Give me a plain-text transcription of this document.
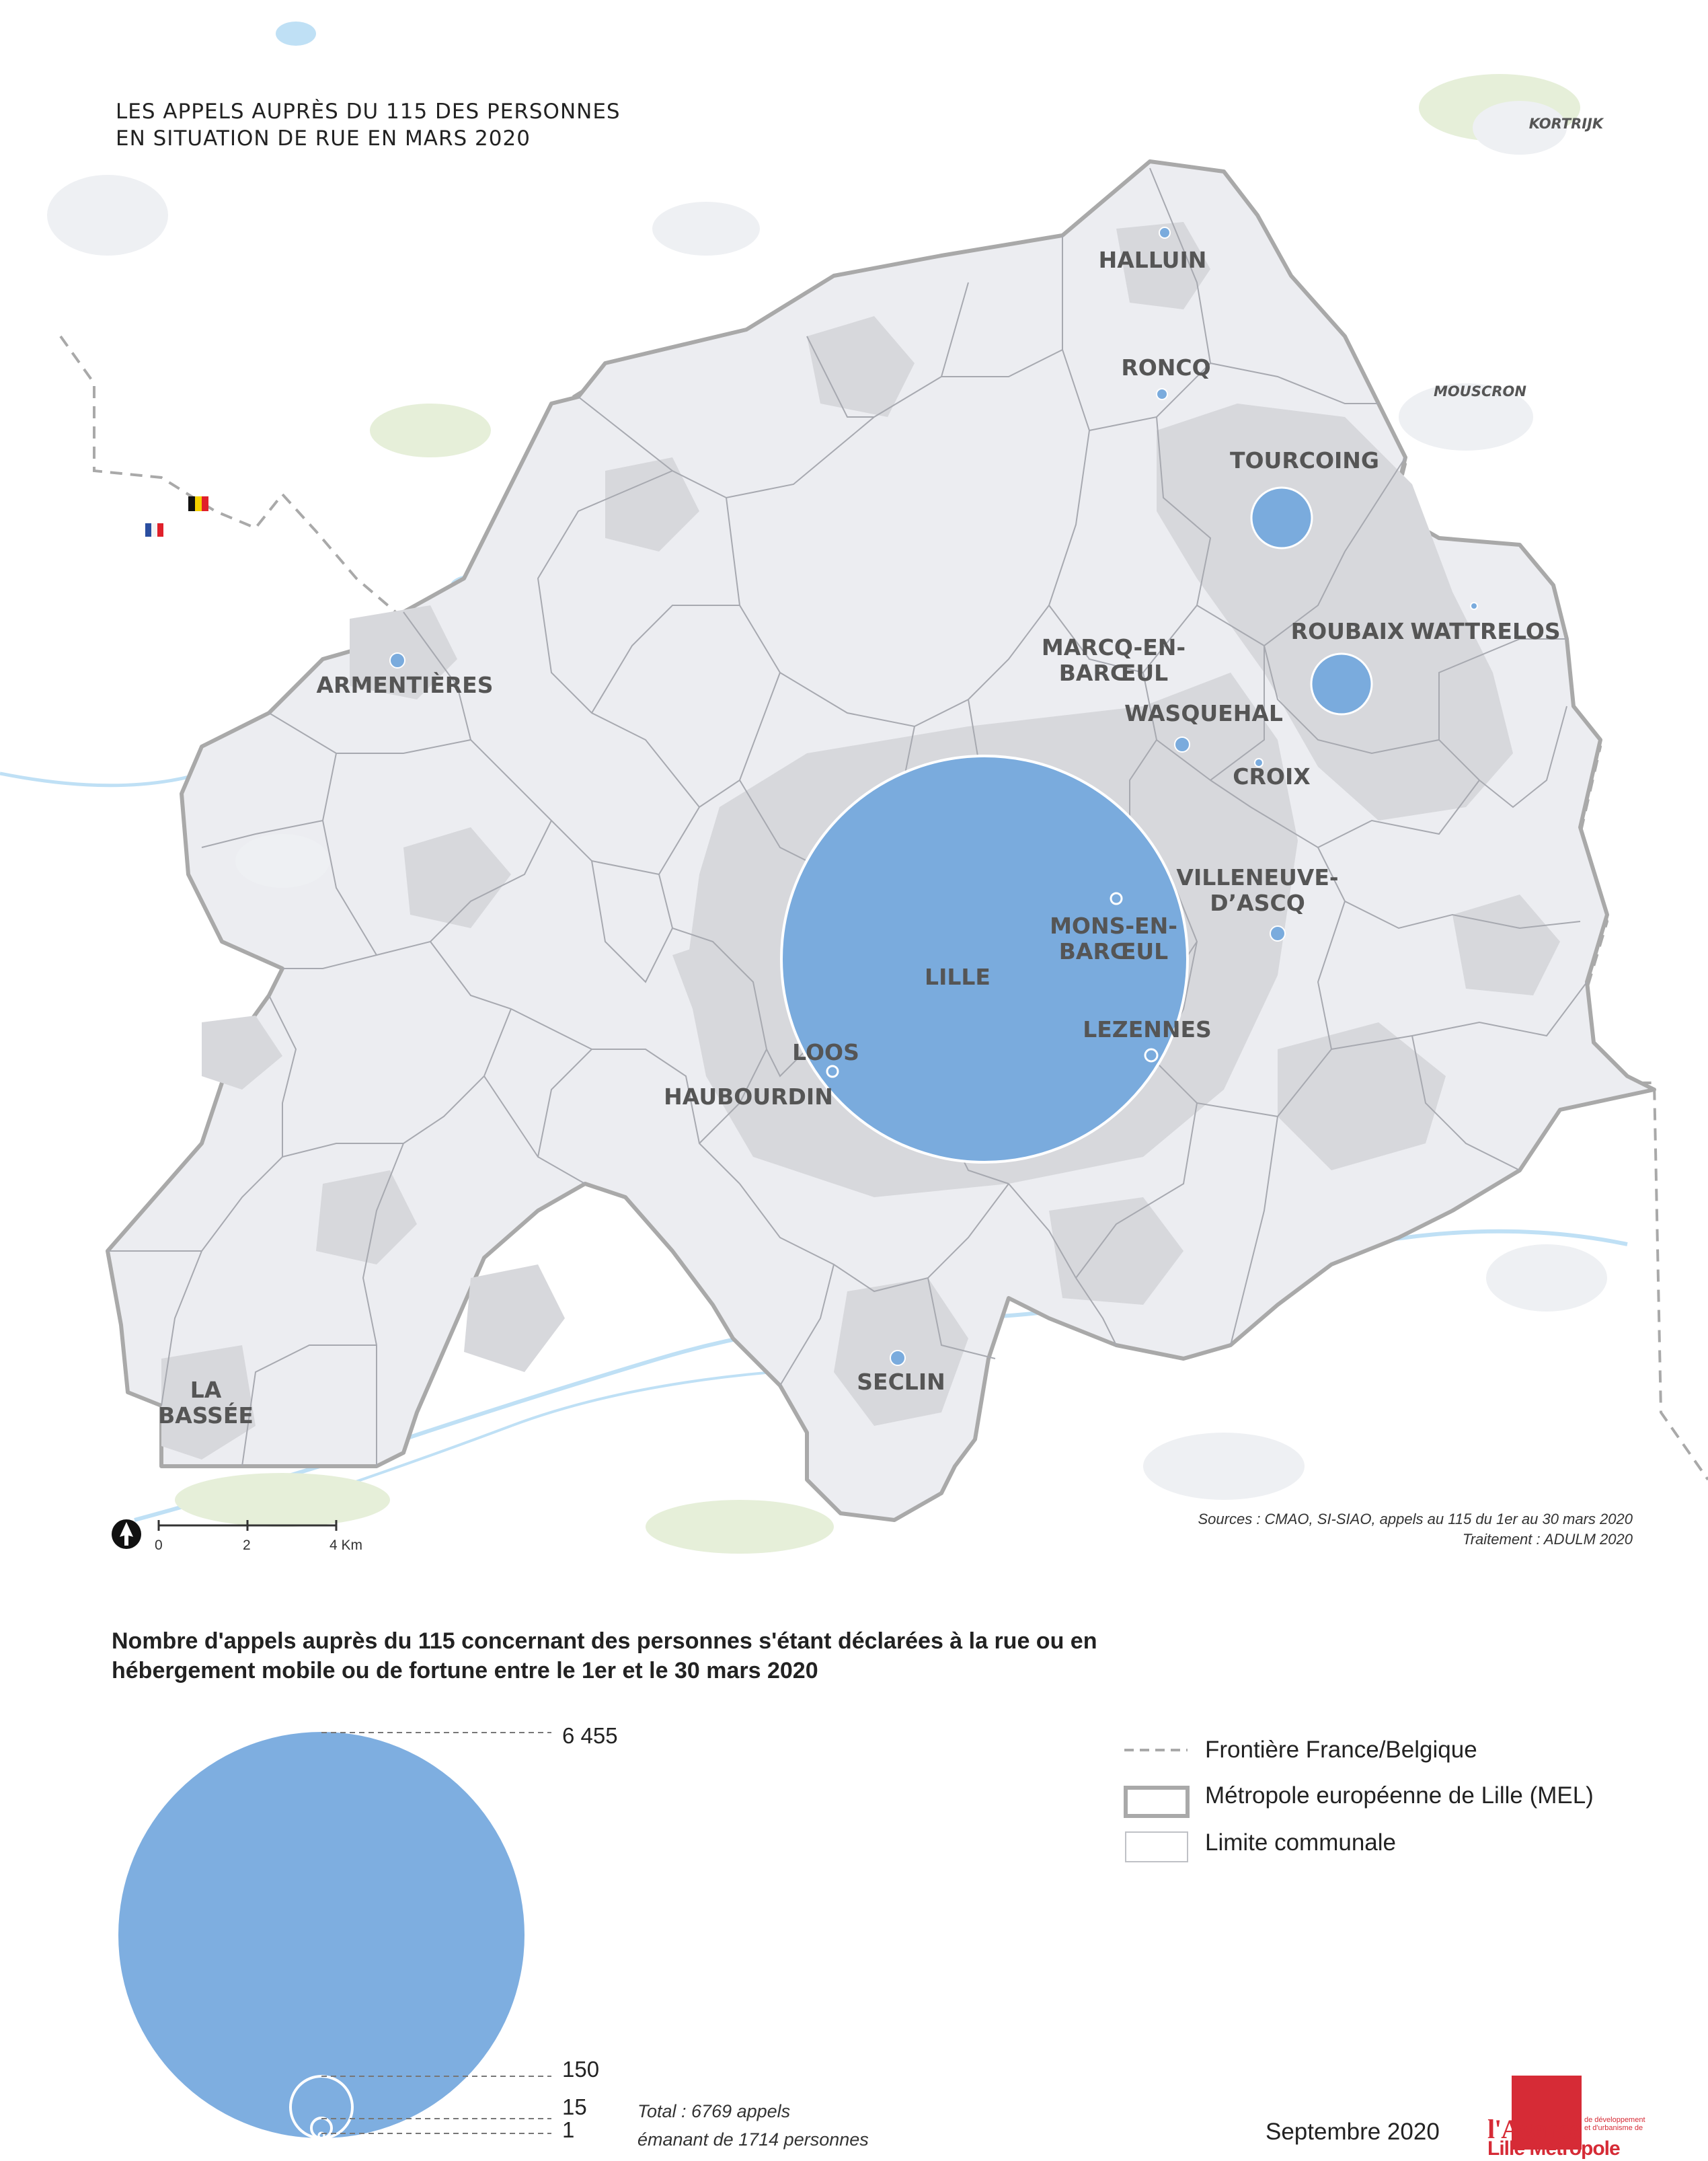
LES APPELS AUPRÈS DU 115 DES PERSONNES
EN SITUATION DE RUE EN MARS 2020
HALLUIN
RONCQ
TOURCOING
ROUBAIX WATTRELOS
MARCQ-EN-
BARŒUL
WASQUEHAL
CROIX
VILLENEUVE-
D’ASCQ
ARMENTIÈRES
MONS-EN-
BARŒUL
LILLE
LEZENNES
LOOS
HAUBOURDIN
SECLIN
LA
BASSÉE
KORTRIJK
MOUSCRON
0	2	4 Km
Sources : CMAO, SI-SIAO, appels au 115 du 1er au 30 mars 2020
Traitement : ADULM 2020
Nombre d'appels auprès du 115 concernant des personnes s'étant déclarées à la rue ou en hébergement mobile ou de fortune entre le 1er et le 30 mars 2020
6 455
150
15
1
Total : 6769 appels
émanant de 1714 personnes
Frontière France/Belgique
Métropole européenne de Lille (MEL)
Limite communale
Septembre 2020 l'Agence de développement et d'urbanisme de
Lille Métropole
